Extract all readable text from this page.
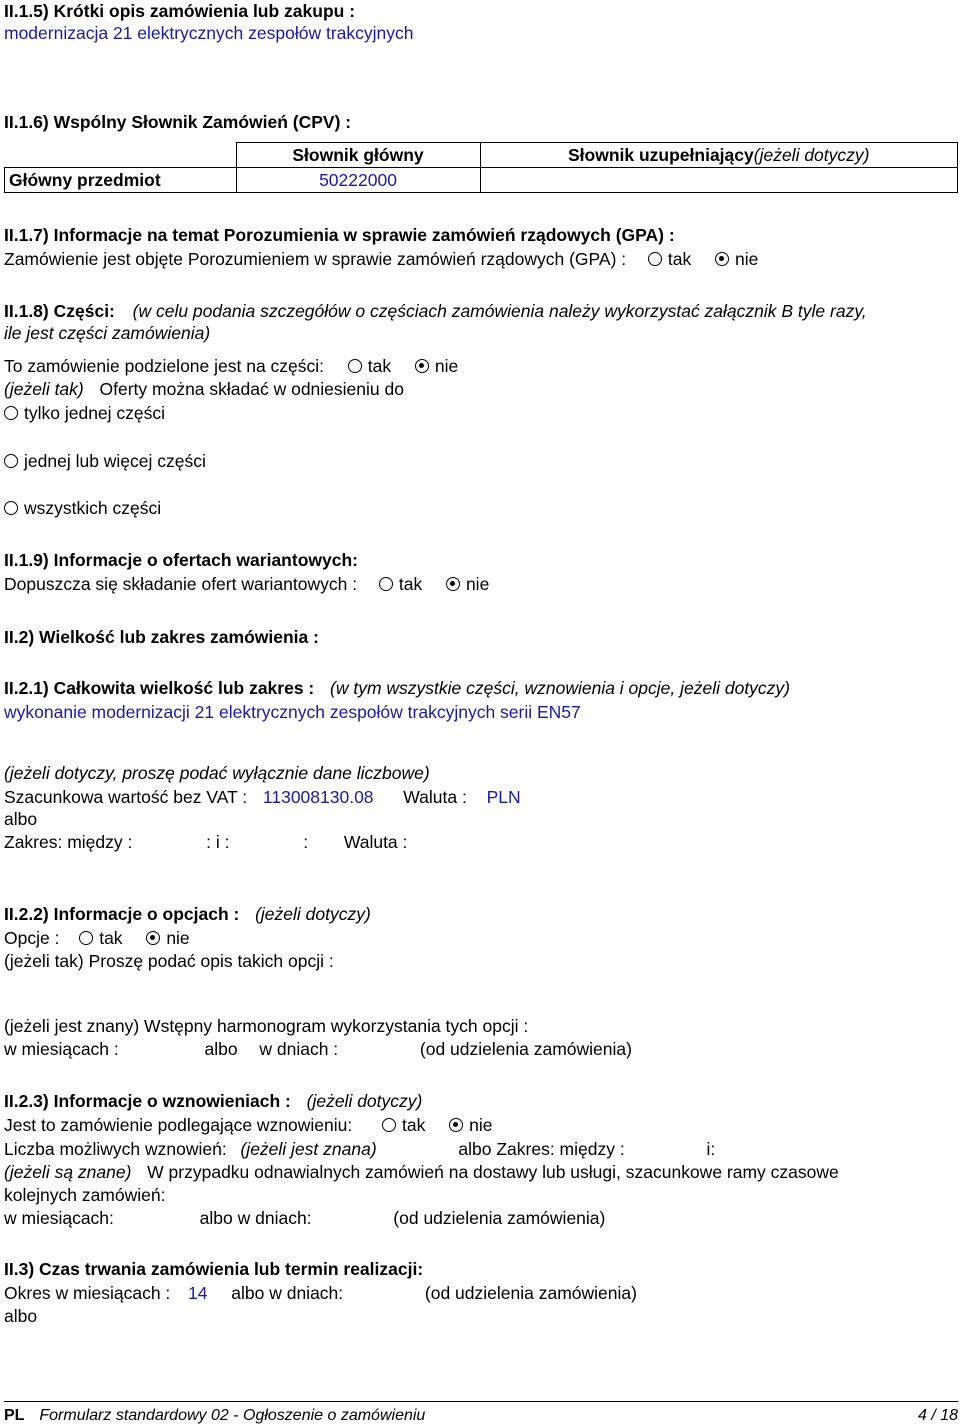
II.1.5) Krótki opis zamówienia lub zakupu :
modernizacja 21 elektrycznych zespołów trakcyjnych
II.1.6) Wspólny Słownik Zamówień (CPV) :
	Słownik główny	Słownik uzupełniający(jeżeli dotyczy)
Główny przedmiot	50222000	
II.1.7) Informacje na temat Porozumienia w sprawie zamówień rządowych (GPA) :
Zamówienie jest objęte Porozumieniem w sprawie zamówień rządowych (GPA) : tak	nie
II.1.8) Części: (w celu podania szczegółów o częściach zamówienia należy wykorzystać załącznik B tyle razy,
ile jest części zamówienia)
To zamówienie podzielone jest na części:	tak	nie
(jeżeli tak) Oferty można składać w odniesieniu do
tylko jednej części
jednej lub więcej części
wszystkich części
II.1.9) Informacje o ofertach wariantowych:
Dopuszcza się składanie ofert wariantowych : tak	nie
II.2) Wielkość lub zakres zamówienia :
II.2.1) Całkowita wielkość lub zakres : (w tym wszystkie części, wznowienia i opcje, jeżeli dotyczy)
wykonanie modernizacji 21 elektrycznych zespołów trakcyjnych serii EN57
(jeżeli dotyczy, proszę podać wyłącznie dane liczbowe)
Szacunkowa wartość bez VAT : 113008130.08 Waluta : PLN
albo
Zakres: między :	: i :	: Waluta :
II.2.2) Informacje o opcjach : (jeżeli dotyczy)
Opcje : tak	nie
(jeżeli tak) Proszę podać opis takich opcji :
(jeżeli jest znany) Wstępny harmonogram wykorzystania tych opcji :
w miesiącach :	albo w dniach :	(od udzielenia zamówienia)
II.2.3) Informacje o wznowieniach : (jeżeli dotyczy)
Jest to zamówienie podlegające wznowieniu:	tak	nie
Liczba możliwych wznowień: (jeżeli jest znana)	albo Zakres: między :	i:
(jeżeli są znane) W przypadku odnawialnych zamówień na dostawy lub usługi, szacunkowe ramy czasowe
kolejnych zamówień:
w miesiącach:	albo w dniach:	(od udzielenia zamówienia)
II.3) Czas trwania zamówienia lub termin realizacji:
Okres w miesiącach : 14 albo w dniach:	(od udzielenia zamówienia)
albo
PL Formularz standardowy 02 - Ogłoszenie o zamówieniu	4 / 18
